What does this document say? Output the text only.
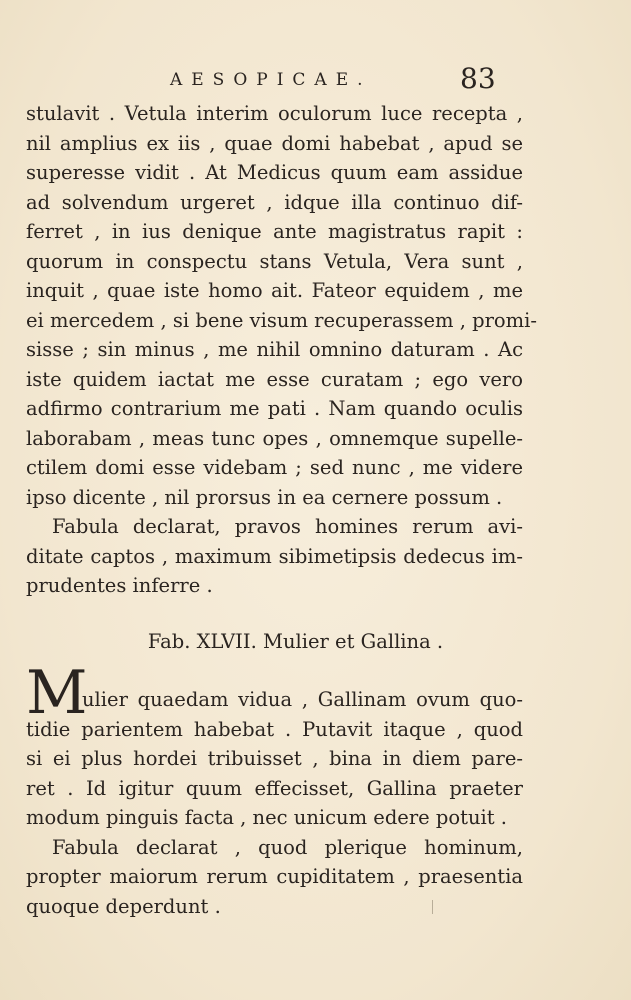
AESOPICAE.	83
stulavit . Vetula interim oculorum luce recepta ,
nil amplius ex iis , quae domi habebat , apud se
superesse vidit . At Medicus quum eam assidue
ad solvendum urgeret , idque illa continuo dif-
ferret , in ius denique ante magistratus rapit :
quorum in conspectu stans Vetula, Vera sunt ,
inquit , quae iste homo ait. Fateor equidem , me
ei mercedem , si bene visum recuperassem , promi-
sisse ; sin minus , me nihil omnino daturam . Ac
iste quidem iactat me esse curatam ; ego vero
adfirmo contrarium me pati . Nam quando oculis
laborabam , meas tunc opes , omnemque supelle-
ctilem domi esse videbam ; sed nunc , me videre
ipso dicente , nil prorsus in ea cernere possum .
Fabula declarat, pravos homines rerum avi-
ditate captos , maximum sibimetipsis dedecus im-
prudentes inferre .
Fab. XLVII. Mulier et Gallina .
M
ulier quaedam vidua , Gallinam ovum quo-
tidie parientem habebat . Putavit itaque , quod
si ei plus hordei tribuisset , bina in diem pare-
ret . Id igitur quum effecisset, Gallina praeter
modum pinguis facta , nec unicum edere potuit .
Fabula declarat , quod plerique hominum,
propter maiorum rerum cupiditatem , praesentia
quoque deperdunt .
